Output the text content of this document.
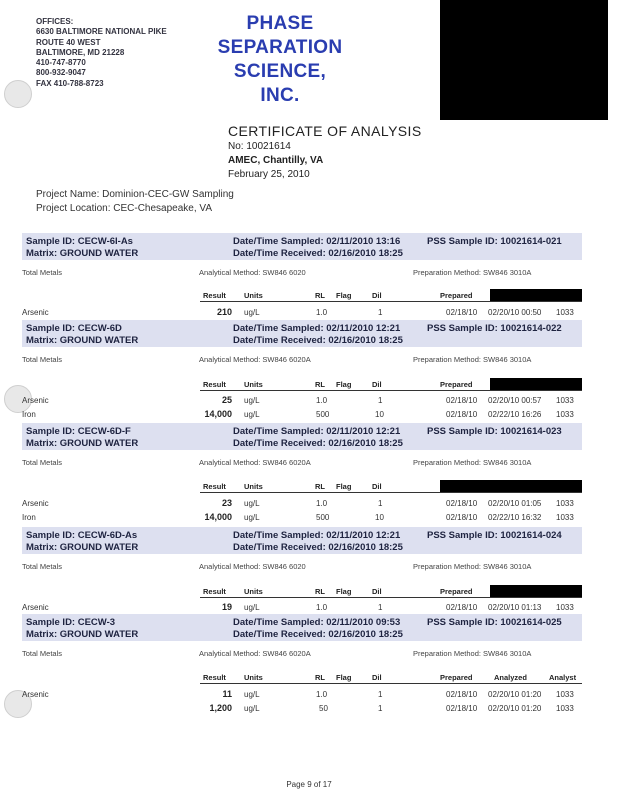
OFFICES:
6630 BALTIMORE NATIONAL PIKE
ROUTE 40 WEST
BALTIMORE, MD 21228
410-747-8770
800-932-9047
FAX 410-788-8723
PHASE
SEPARATION
SCIENCE,
INC.
CERTIFICATE OF ANALYSIS
No: 10021614
AMEC, Chantilly, VA
February 25, 2010
Project Name: Dominion-CEC-GW Sampling
Project Location: CEC-Chesapeake, VA
Sample ID: CECW-6I-As
Matrix: GROUND WATER
Date/Time Sampled: 02/11/2010 13:16
Date/Time Received: 02/16/2010 18:25
PSS Sample ID: 10021614-021
Total Metals	Analytical Method: SW846 6020	Preparation Method: SW846 3010A
Result Units	RL Flag	Dil	Prepared
Arsenic	210 ug/L	1.0	1	02/18/10 02/20/10 00:50 1033
Sample ID: CECW-6D
Matrix: GROUND WATER
Date/Time Sampled: 02/11/2010 12:21
Date/Time Received: 02/16/2010 18:25
PSS Sample ID: 10021614-022
Total Metals	Analytical Method: SW846 6020A	Preparation Method: SW846 3010A
Result Units	RL Flag	Dil	Prepared
Arsenic	25 ug/L	1.0	1	02/18/10 02/20/10 00:57 1033
Iron	14,000 ug/L	500	10	02/18/10 02/22/10 16:26 1033
Sample ID: CECW-6D-F
Matrix: GROUND WATER
Date/Time Sampled: 02/11/2010 12:21
Date/Time Received: 02/16/2010 18:25
PSS Sample ID: 10021614-023
Total Metals	Analytical Method: SW846 6020A	Preparation Method: SW846 3010A
Result Units	RL Flag	Dil
Arsenic	23 ug/L	1.0	1	02/18/10 02/20/10 01:05 1033
Iron	14,000 ug/L	500	10	02/18/10 02/22/10 16:32 1033
Sample ID: CECW-6D-As
Matrix: GROUND WATER
Date/Time Sampled: 02/11/2010 12:21
Date/Time Received: 02/16/2010 18:25
PSS Sample ID: 10021614-024
Total Metals	Analytical Method: SW846 6020	Preparation Method: SW846 3010A
Result Units	RL Flag	Dil	Prepared
Arsenic	19 ug/L	1.0	1	02/18/10 02/20/10 01:13 1033
Sample ID: CECW-3
Matrix: GROUND WATER
Date/Time Sampled: 02/11/2010 09:53
Date/Time Received: 02/16/2010 18:25
PSS Sample ID: 10021614-025
Total Metals	Analytical Method: SW846 6020A	Preparation Method: SW846 3010A
Result Units	RL Flag	Dil	Prepared	Analyzed	Analyst
Arsenic	11 ug/L	1.0	1	02/18/10 02/20/10 01:20 1033
1,200 ug/L	50	1	02/18/10 02/20/10 01:20 1033
Page 9 of 17
